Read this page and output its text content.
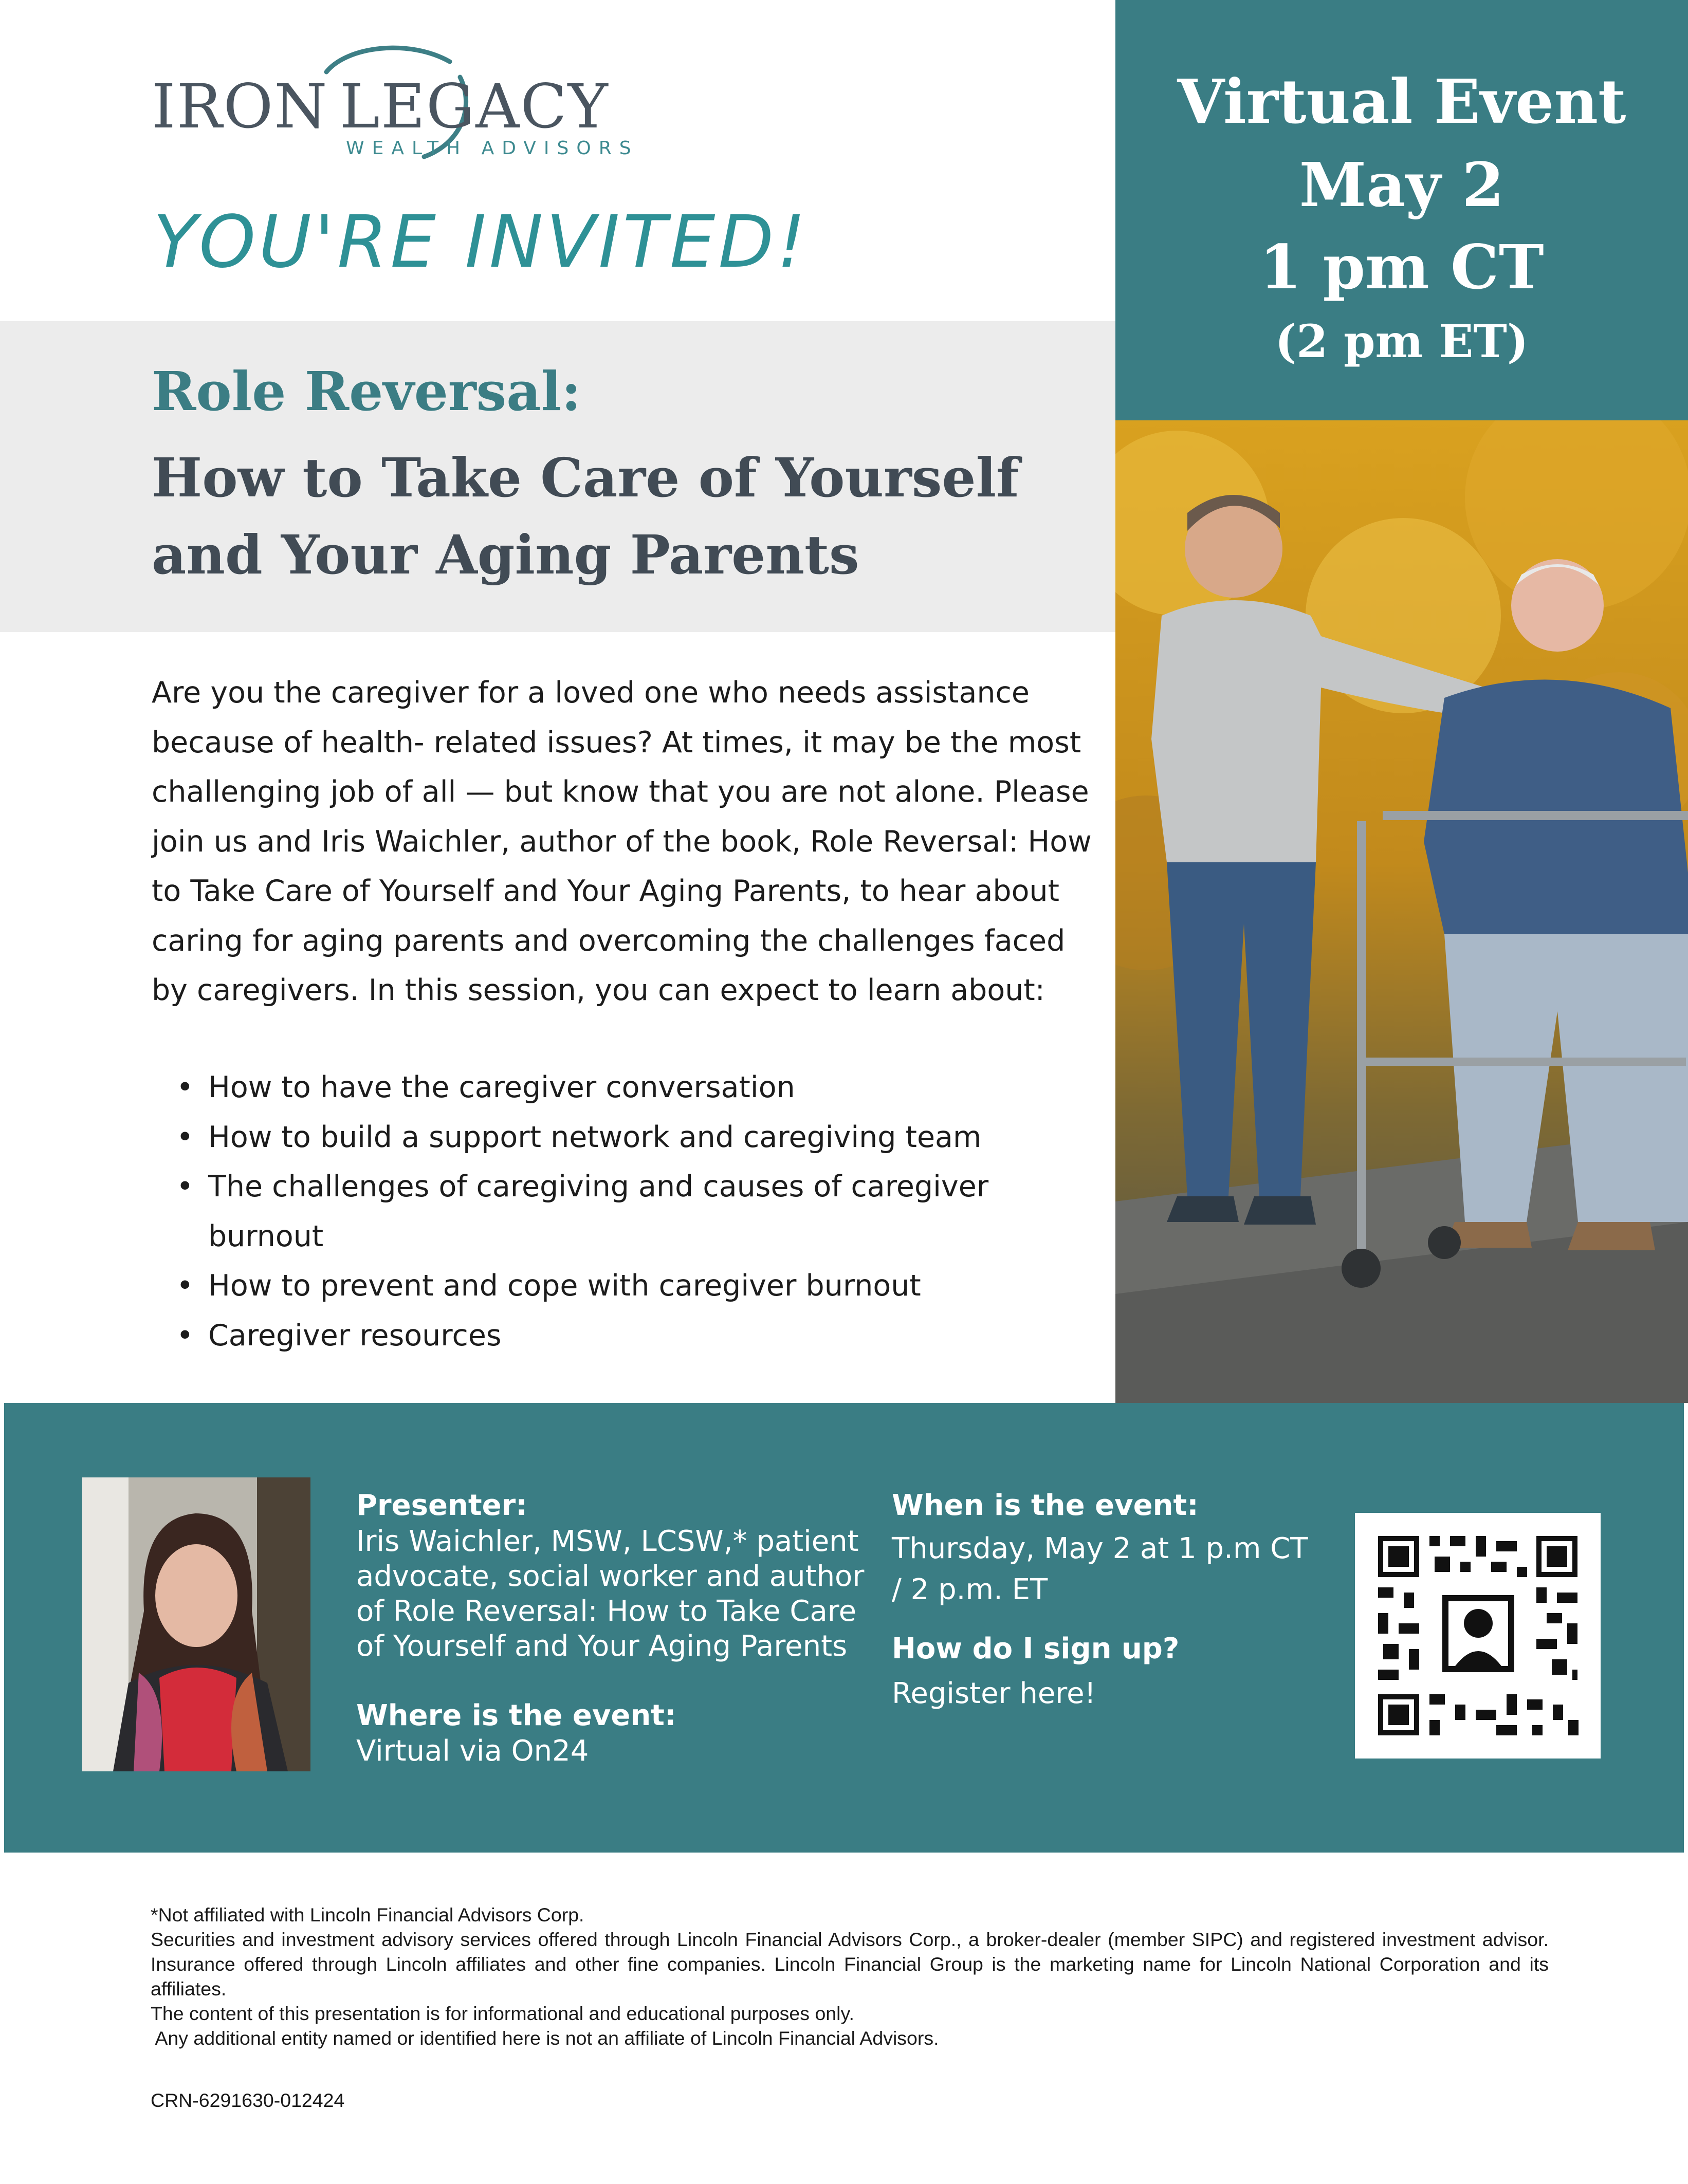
IRON LEGACY
WEALTH ADVISORS
YOU'RE INVITED!
Role Reversal:
How to Take Care of Yourself and Your Aging Parents
Virtual Event
May 2
1 pm CT
(2 pm ET)
Are you the caregiver for a loved one who needs assistance because of health- related issues? At times, it may be the most challenging job of all — but know that you are not alone. Please join us and Iris Waichler, author of the book, Role Reversal: How to Take Care of Yourself and Your Aging Parents, to hear about caring for aging parents and overcoming the challenges faced by caregivers. In this session, you can expect to learn about:
• How to have the caregiver conversation
• How to build a support network and caregiving team
• The challenges of caregiving and causes of caregiver burnout
• How to prevent and cope with caregiver burnout
• Caregiver resources
Presenter:
Iris Waichler, MSW, LCSW,* patient advocate, social worker and author of Role Reversal: How to Take Care of Yourself and Your Aging Parents
Where is the event:
Virtual via On24
When is the event:
Thursday, May 2 at 1 p.m CT / 2 p.m. ET
How do I sign up?
Register here!

*Not affiliated with Lincoln Financial Advisors Corp.

Securities and investment advisory services offered through Lincoln Financial Advisors Corp., a broker-dealer (member SIPC) and registered investment advisor. Insurance offered through Lincoln affiliates and other fine companies. Lincoln Financial Group is the marketing name for Lincoln National Corporation and its affiliates.

The content of this presentation is for informational and educational purposes only.

Any additional entity named or identified here is not an affiliate of Lincoln Financial Advisors.

CRN-6291630-012424
